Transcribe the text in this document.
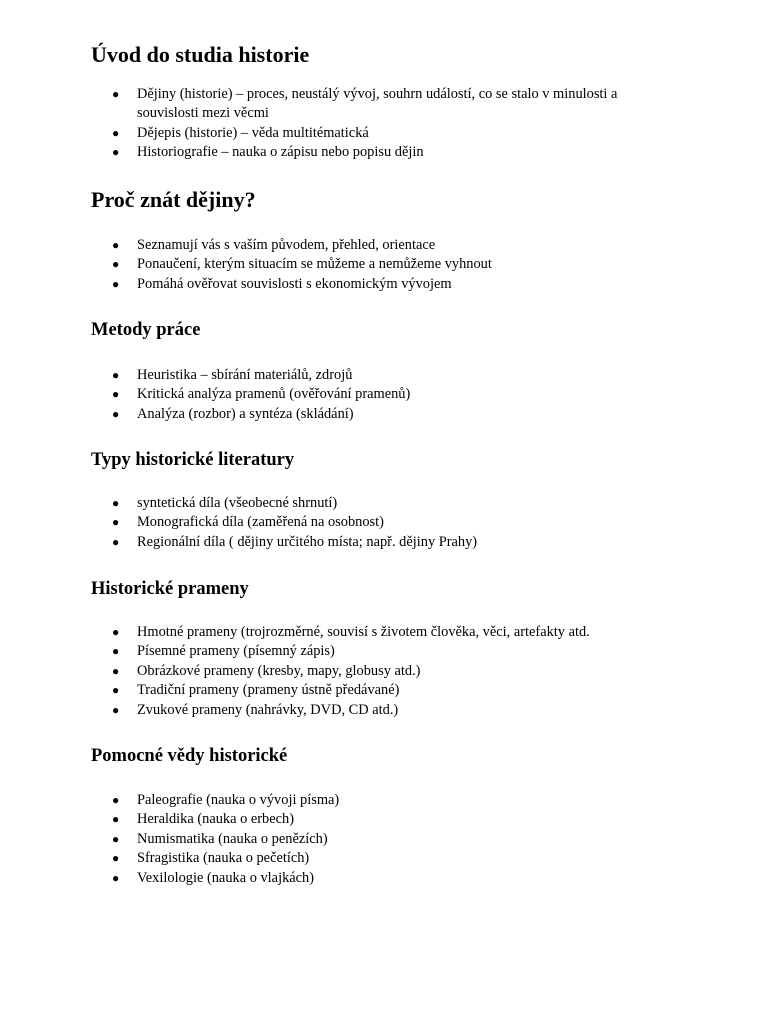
Úvod do studia historie
● Dějiny (historie) – proces, neustálý vývoj, souhrn událostí, co se stalo v minulosti a souvislosti mezi věcmi
● Dějepis (historie) – věda multitématická
● Historiografie – nauka o zápisu nebo popisu dějin
Proč znát dějiny?
● Seznamují vás s vaším původem, přehled, orientace
● Ponaučení, kterým situacím se můžeme a nemůžeme vyhnout
● Pomáhá ověřovat souvislosti s ekonomickým vývojem
Metody práce
● Heuristika – sbírání materiálů, zdrojů
● Kritická analýza pramenů (ověřování pramenů)
● Analýza (rozbor) a syntéza (skládání)
Typy historické literatury
● syntetická díla (všeobecné shrnutí)
● Monografická díla (zaměřená na osobnost)
● Regionální díla ( dějiny určitého místa; např. dějiny Prahy)
Historické prameny
● Hmotné prameny (trojrozměrné, souvisí s životem člověka, věci, artefakty atd.
● Písemné prameny (písemný zápis)
● Obrázkové prameny (kresby, mapy, globusy atd.)
● Tradiční prameny (prameny ústně předávané)
● Zvukové prameny (nahrávky, DVD, CD atd.)
Pomocné vědy historické
● Paleografie (nauka o vývoji písma)
● Heraldika (nauka o erbech)
● Numismatika (nauka o penězích)
● Sfragistika (nauka o pečetích)
● Vexilologie (nauka o vlajkách)
